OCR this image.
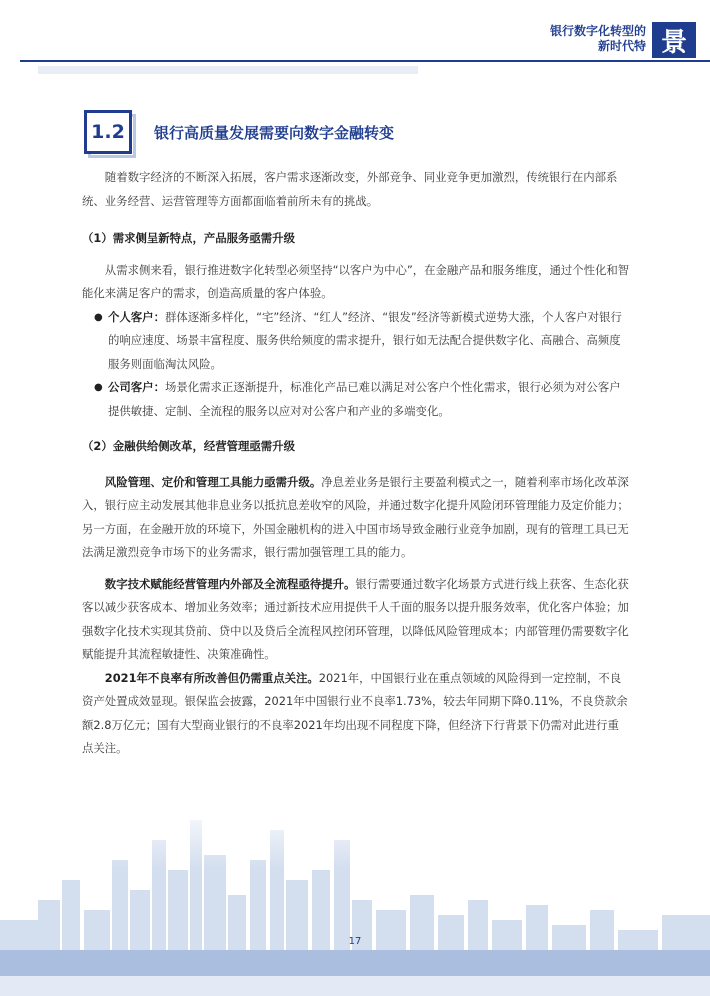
银行数字化转型的
新时代特 景
1.2	银行高质量发展需要向数字金融转变

随着数字经济的不断深入拓展，客户需求逐渐改变，外部竞争、同业竞争更加激烈，传统银行在内部系统、业务经营、运营管理等方面都面临着前所未有的挑战。

（1）需求侧呈新特点，产品服务亟需升级

从需求侧来看，银行推进数字化转型必须坚持“以客户为中心”，在金融产品和服务维度，通过个性化和智能化来满足客户的需求，创造高质量的客户体验。

● 个人客户：群体逐渐多样化，“宅”经济、“红人”经济、“银发”经济等新模式逆势大涨，个人客户对银行的响应速度、场景丰富程度、服务供给频度的需求提升，银行如无法配合提供数字化、高融合、高频度服务则面临淘汰风险。
● 公司客户：场景化需求正逐渐提升，标准化产品已难以满足对公客户个性化需求，银行必须为对公客户提供敏捷、定制、全流程的服务以应对对公客户和产业的多端变化。

（2）金融供给侧改革，经营管理亟需升级

风险管理、定价和管理工具能力亟需升级。净息差业务是银行主要盈利模式之一，随着利率市场化改革深入，银行应主动发展其他非息业务以抵抗息差收窄的风险，并通过数字化提升风险闭环管理能力及定价能力；另一方面，在金融开放的环境下，外国金融机构的进入中国市场导致金融行业竞争加剧，现有的管理工具已无法满足激烈竞争市场下的业务需求，银行需加强管理工具的能力。

数字技术赋能经营管理内外部及全流程亟待提升。银行需要通过数字化场景方式进行线上获客、生态化获客以减少获客成本、增加业务效率；通过新技术应用提供千人千面的服务以提升服务效率，优化客户体验；加强数字化技术实现其贷前、贷中以及贷后全流程风控闭环管理，以降低风险管理成本；内部管理仍需要数字化赋能提升其流程敏捷性、决策准确性。

2021年不良率有所改善但仍需重点关注。2021年，中国银行业在重点领域的风险得到一定控制，不良资产处置成效显现。银保监会披露，2021年中国银行业不良率1.73%，较去年同期下降0.11%，不良贷款余额2.8万亿元；国有大型商业银行的不良率2021年均出现不同程度下降，但经济下行背景下仍需对此进行重点关注。

17
